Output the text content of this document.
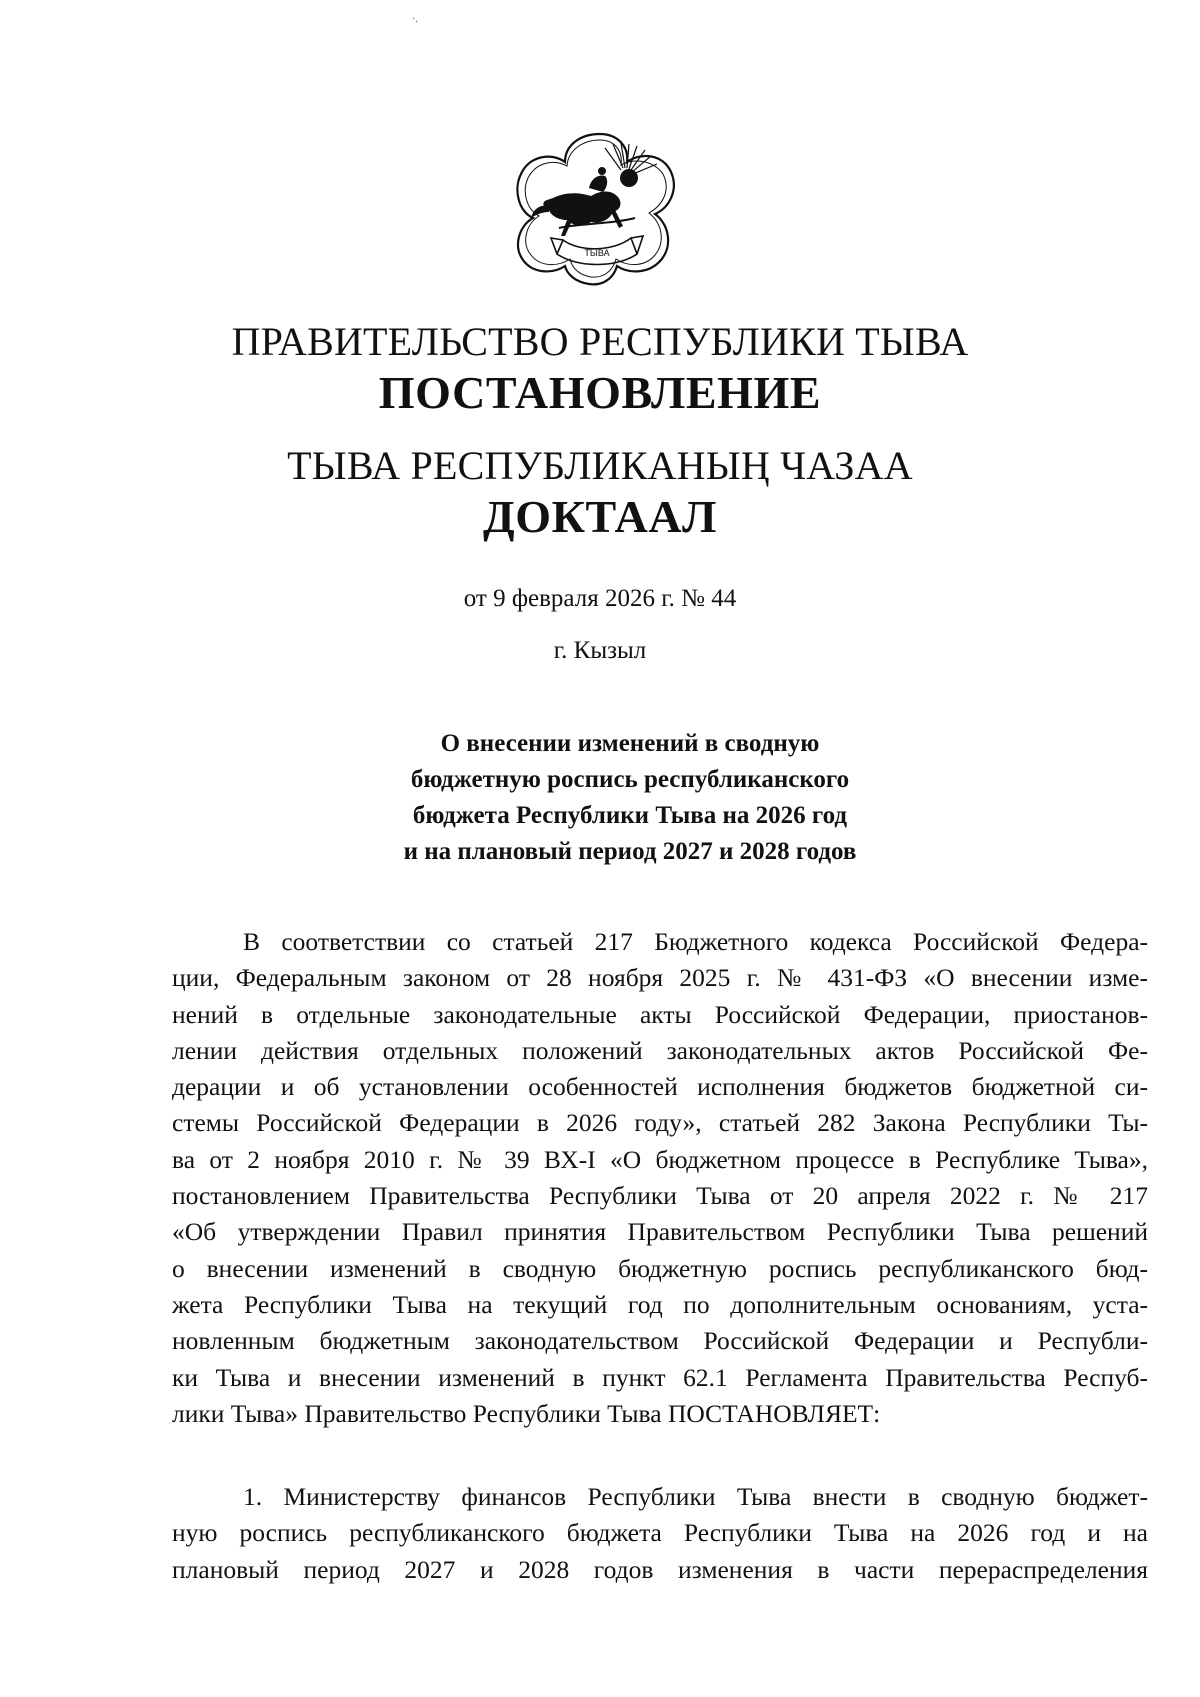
·.
ТЫВА
ПРАВИТЕЛЬСТВО РЕСПУБЛИКИ ТЫВА
ПОСТАНОВЛЕНИЕ
ТЫВА РЕСПУБЛИКАНЫҢ ЧАЗАА
ДОКТААЛ
от 9 февраля 2026 г. № 44
г. Кызыл
О внесении изменений в сводную
бюджетную роспись республиканского
бюджета Республики Тыва на 2026 год
и на плановый период 2027 и 2028 годов
В соответствии со статьей 217 Бюджетного кодекса Российской Федера-
ции, Федеральным законом от 28 ноября 2025 г. № 431-ФЗ «О внесении изме-
нений в отдельные законодательные акты Российской Федерации, приостанов-
лении действия отдельных положений законодательных актов Российской Фе-
дерации и об установлении особенностей исполнения бюджетов бюджетной си-
стемы Российской Федерации в 2026 году», статьей 282 Закона Республики Ты-
ва от 2 ноября 2010 г. № 39 ВХ-I «О бюджетном процессе в Республике Тыва»,
постановлением Правительства Республики Тыва от 20 апреля 2022 г. № 217
«Об утверждении Правил принятия Правительством Республики Тыва решений
о внесении изменений в сводную бюджетную роспись республиканского бюд-
жета Республики Тыва на текущий год по дополнительным основаниям, уста-
новленным бюджетным законодательством Российской Федерации и Республи-
ки Тыва и внесении изменений в пункт 62.1 Регламента Правительства Респуб-
лики Тыва» Правительство Республики Тыва ПОСТАНОВЛЯЕТ:
1. Министерству финансов Республики Тыва внести в сводную бюджет-
ную роспись республиканского бюджета Республики Тыва на 2026 год и на
плановый период 2027 и 2028 годов изменения в части перераспределения
